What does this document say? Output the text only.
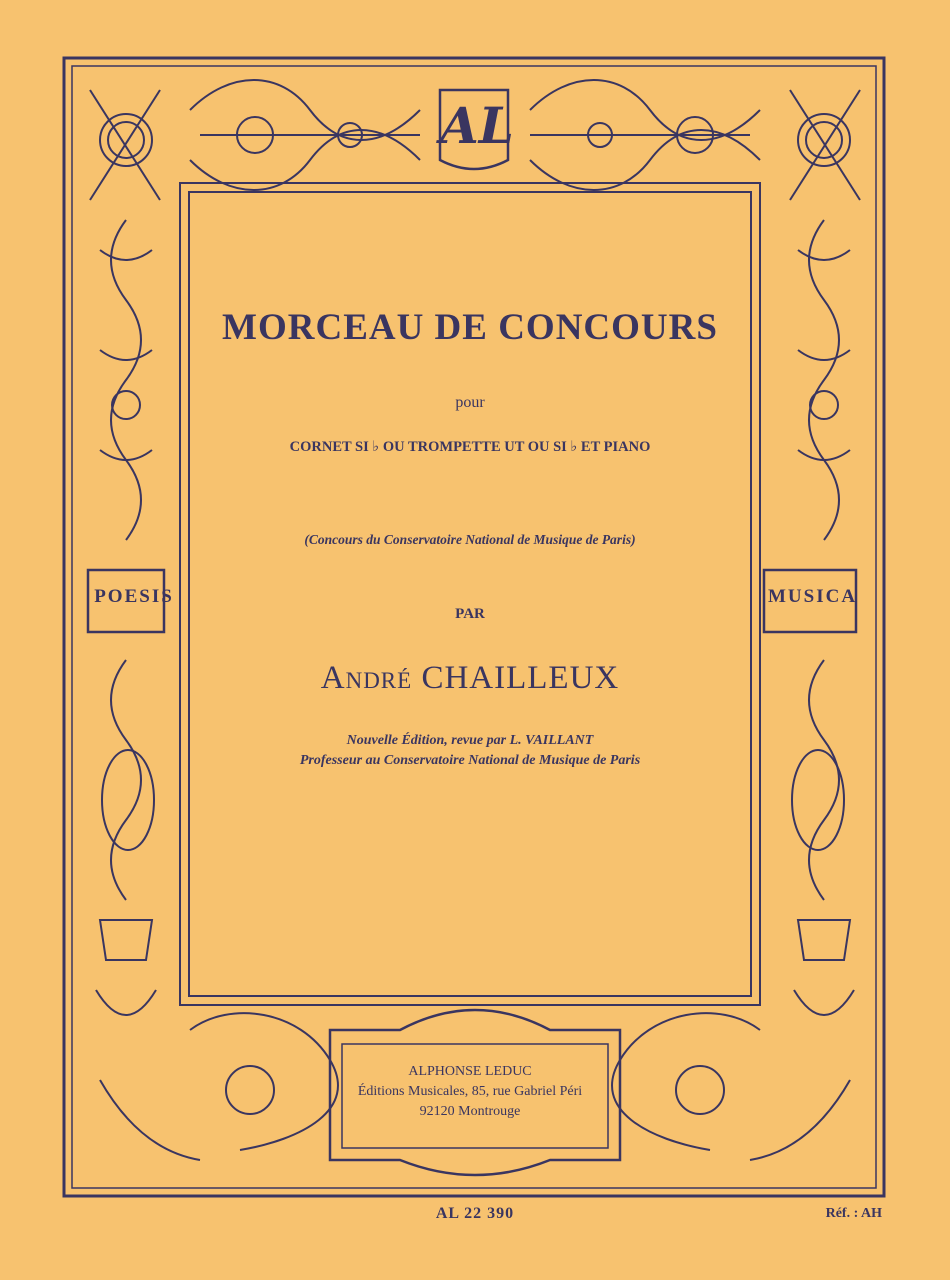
AL
POESIS	MUSICA
MORCEAU DE CONCOURS

pour

CORNET SI ♭ OU TROMPETTE UT OU SI ♭ ET PIANO

(Concours du Conservatoire National de Musique de Paris)

PAR

André CHAILLEUX

Nouvelle Édition, revue par L. VAILLANT
Professeur au Conservatoire National de Musique de Paris
ALPHONSE LEDUC
Éditions Musicales, 85, rue Gabriel Péri
92120 Montrouge
AL 22 390	Réf. : AH
